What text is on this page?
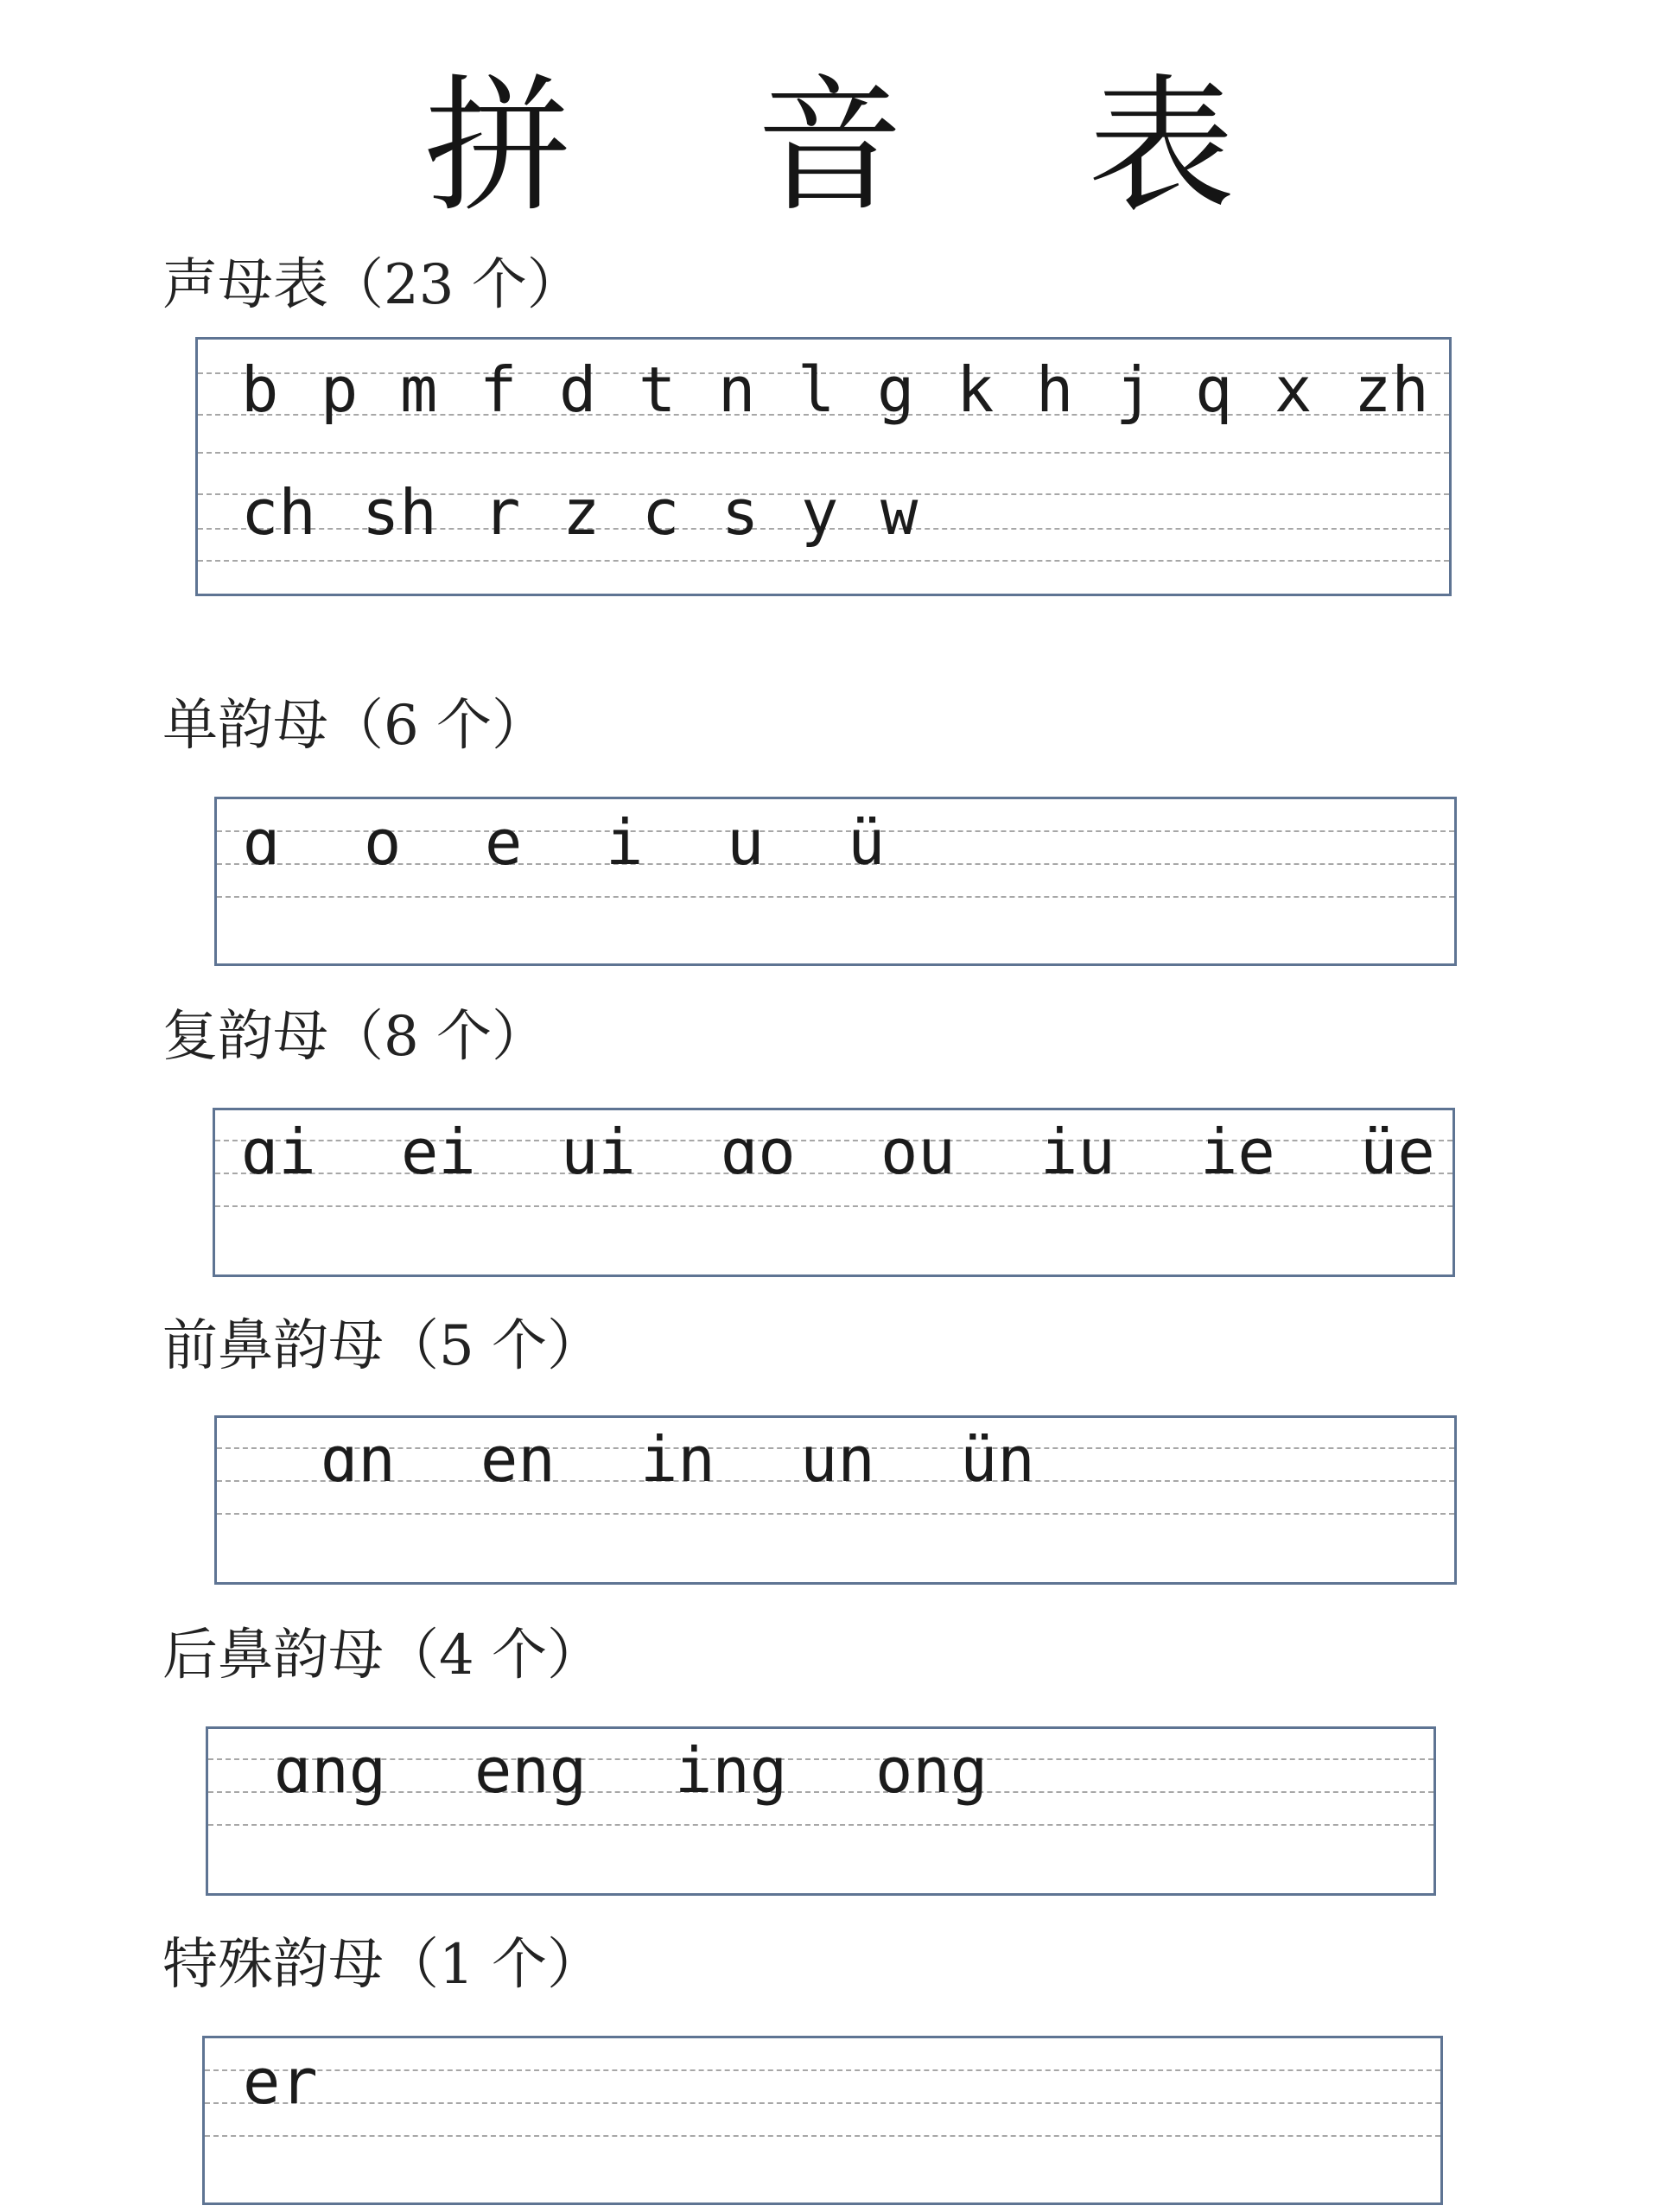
拼 音 表
声母表（23 个）
b p m f d t n l g k h j q x zh
ch sh r z c s y w
单韵母（6 个）
ɑ	o	e	i	u	ü
复韵母（8 个）
ɑi	ei	ui	ɑo	ou	iu	ie	üe
前鼻韵母（5 个）
ɑn	en	in	un	ün
后鼻韵母（4 个）
ɑng	eng	ing	ong
特殊韵母（1 个）
er
